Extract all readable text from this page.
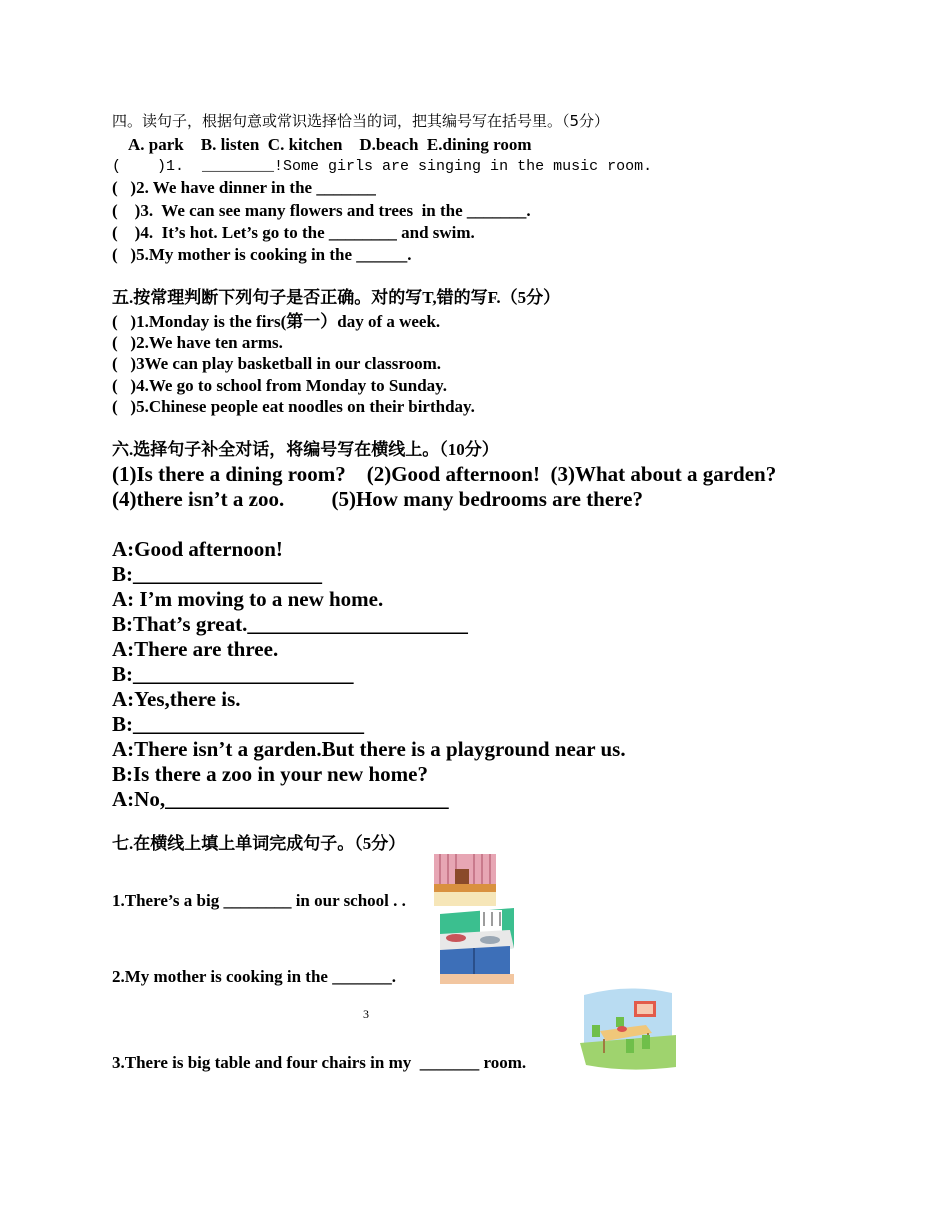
四。读句子，根据句意或常识选择恰当的词，把其编号写在括号里。（5分）
A. park    B. listen  C. kitchen    D.beach  E.dining room
(    )1.  ________!Some girls are singing in the music room.
(   )2. We have dinner in the _______
(    )3.  We can see many flowers and trees  in the _______.
(    )4.  It’s hot. Let’s go to the ________ and swim.
(   )5.My mother is cooking in the ______.
五.按常理判断下列句子是否正确。对的写T,错的写F.（5分）
(   )1.Monday is the firs(第一）day of a week.
(   )2.We have ten arms.
(   )3We can play basketball in our classroom.
(   )4.We go to school from Monday to Sunday.
(   )5.Chinese people eat noodles on their birthday.
六.选择句子补全对话，将编号写在横线上。（10分）
(1)Is there a dining room?    (2)Good afternoon!  (3)What about a garden?
(4)there isn’t a zoo.         (5)How many bedrooms are there?
A:Good afternoon!
B:__________________
A: I’m moving to a new home.
B:That’s great._____________________
A:There are three.
B:_____________________
A:Yes,there is.
B:______________________
A:There isn’t a garden.But there is a playground near us.
B:Is there a zoo in your new home?
A:No,___________________________
七.在横线上填上单词完成句子。（5分）
1.There’s a big ________ in our school . .
2.My mother is cooking in the _______.
3.There is big table and four chairs in my  _______ room.
3
